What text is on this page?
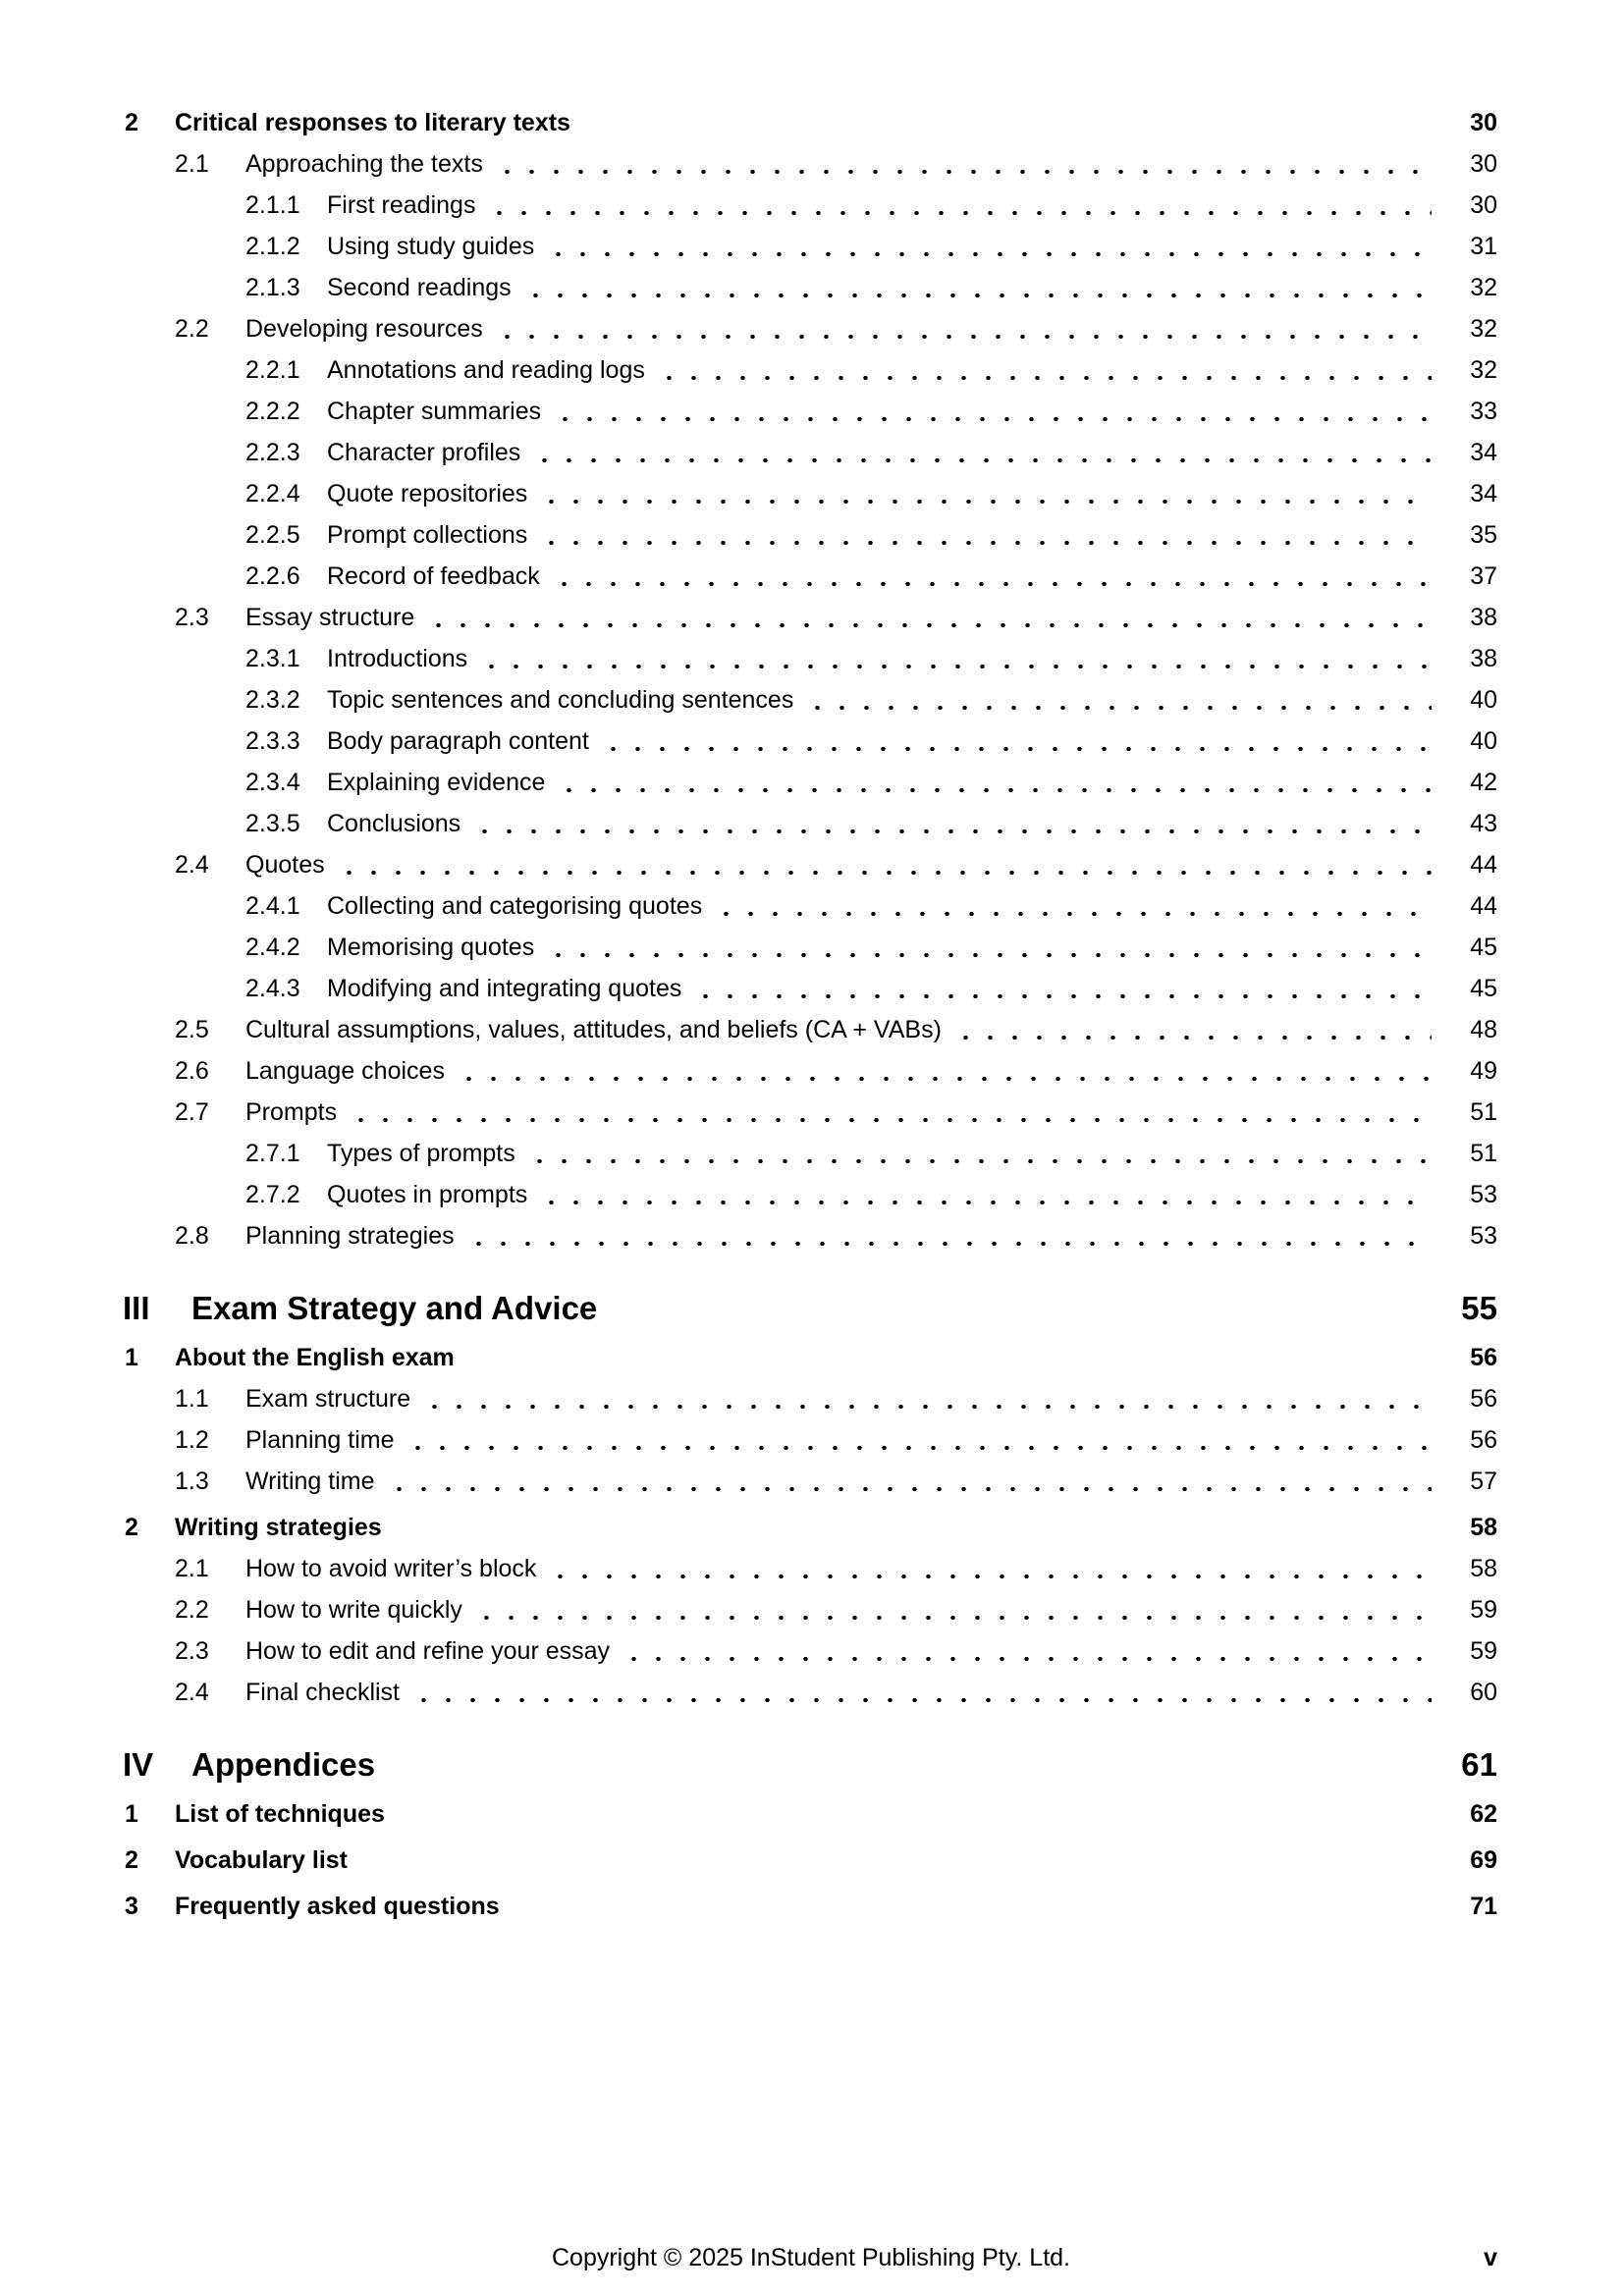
2	Critical responses to literary texts	30
2.1	Approaching the texts	30
2.1.1	First readings	30
2.1.2	Using study guides	31
2.1.3	Second readings	32
2.2	Developing resources	32
2.2.1	Annotations and reading logs	32
2.2.2	Chapter summaries	33
2.2.3	Character profiles	34
2.2.4	Quote repositories	34
2.2.5	Prompt collections	35
2.2.6	Record of feedback	37
2.3	Essay structure	38
2.3.1	Introductions	38
2.3.2	Topic sentences and concluding sentences	40
2.3.3	Body paragraph content	40
2.3.4	Explaining evidence	42
2.3.5	Conclusions	43
2.4	Quotes	44
2.4.1	Collecting and categorising quotes	44
2.4.2	Memorising quotes	45
2.4.3	Modifying and integrating quotes	45
2.5	Cultural assumptions, values, attitudes, and beliefs (CA + VABs)	48
2.6	Language choices	49
2.7	Prompts	51
2.7.1	Types of prompts	51
2.7.2	Quotes in prompts	53
2.8	Planning strategies	53
III	Exam Strategy and Advice	55
1	About the English exam	56
1.1	Exam structure	56
1.2	Planning time	56
1.3	Writing time	57
2	Writing strategies	58
2.1	How to avoid writer’s block	58
2.2	How to write quickly	59
2.3	How to edit and refine your essay	59
2.4	Final checklist	60
IV	Appendices	61
1	List of techniques	62
2	Vocabulary list	69
3	Frequently asked questions	71
Copyright © 2025 InStudent Publishing Pty. Ltd.	v
